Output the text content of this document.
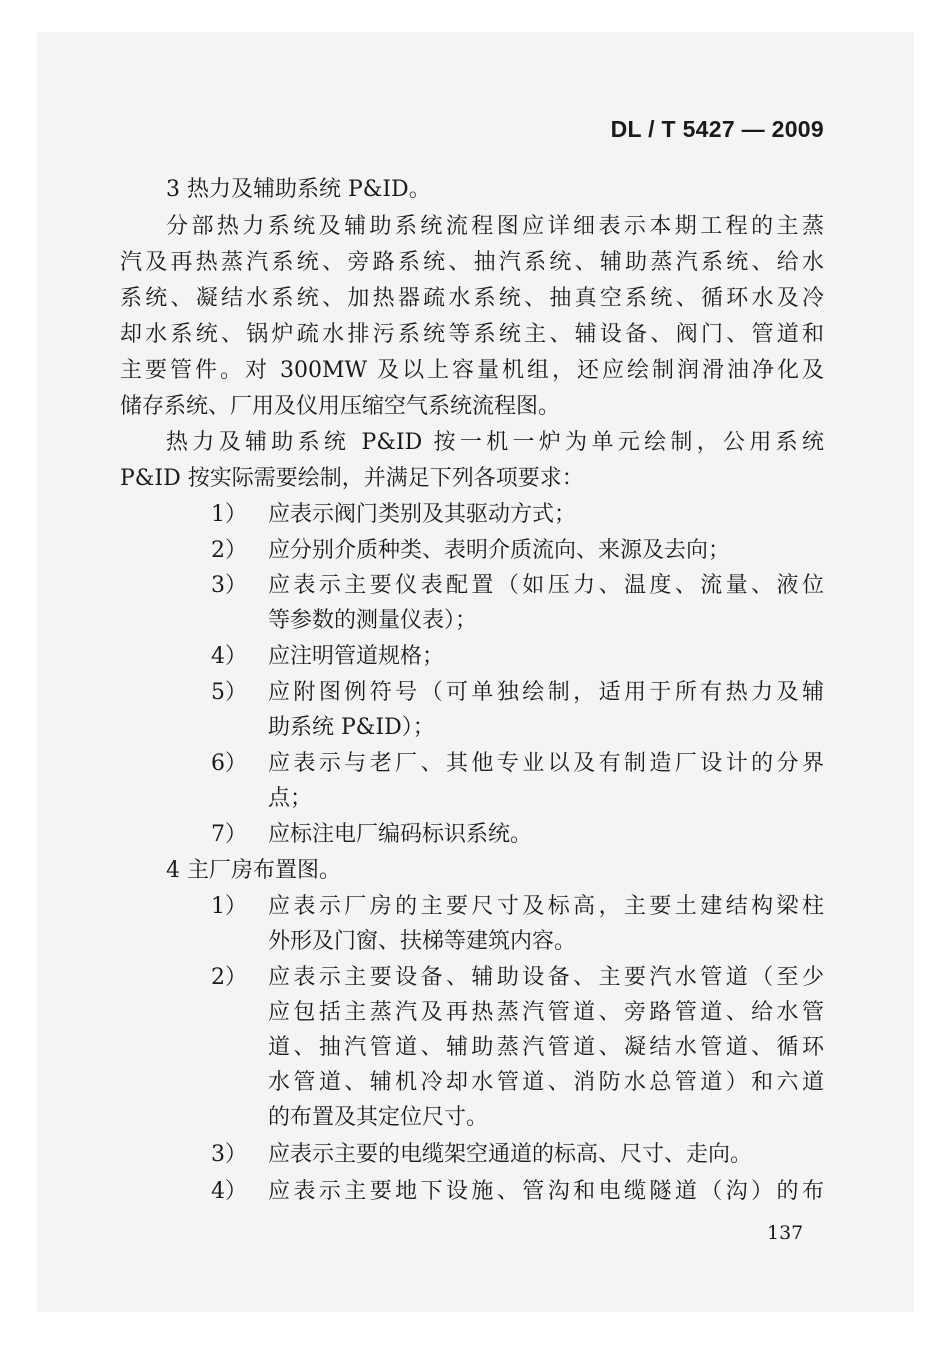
DL / T 5427 — 2009
3 热力及辅助系统 P&ID。
分部热力系统及辅助系统流程图应详细表示本期工程的主蒸
汽及再热蒸汽系统、旁路系统、抽汽系统、辅助蒸汽系统、给水
系统、凝结水系统、加热器疏水系统、抽真空系统、循环水及冷
却水系统、锅炉疏水排污系统等系统主、辅设备、阀门、管道和
主要管件。对 300MW 及以上容量机组，还应绘制润滑油净化及
储存系统、厂用及仪用压缩空气系统流程图。
热力及辅助系统 P&ID 按一机一炉为单元绘制，公用系统
P&ID 按实际需要绘制，并满足下列各项要求：
1） 应表示阀门类别及其驱动方式；
2） 应分别介质种类、表明介质流向、来源及去向；
3） 应表示主要仪表配置（如压力、温度、流量、液位
等参数的测量仪表）；
4） 应注明管道规格；
5） 应附图例符号（可单独绘制，适用于所有热力及辅
助系统 P&ID）；
6） 应表示与老厂、其他专业以及有制造厂设计的分界
点；
7） 应标注电厂编码标识系统。
4 主厂房布置图。
1） 应表示厂房的主要尺寸及标高，主要土建结构梁柱
外形及门窗、扶梯等建筑内容。
2） 应表示主要设备、辅助设备、主要汽水管道（至少
应包括主蒸汽及再热蒸汽管道、旁路管道、给水管
道、抽汽管道、辅助蒸汽管道、凝结水管道、循环
水管道、辅机冷却水管道、消防水总管道）和六道
的布置及其定位尺寸。
3） 应表示主要的电缆架空通道的标高、尺寸、走向。
4） 应表示主要地下设施、管沟和电缆隧道（沟）的布
137
